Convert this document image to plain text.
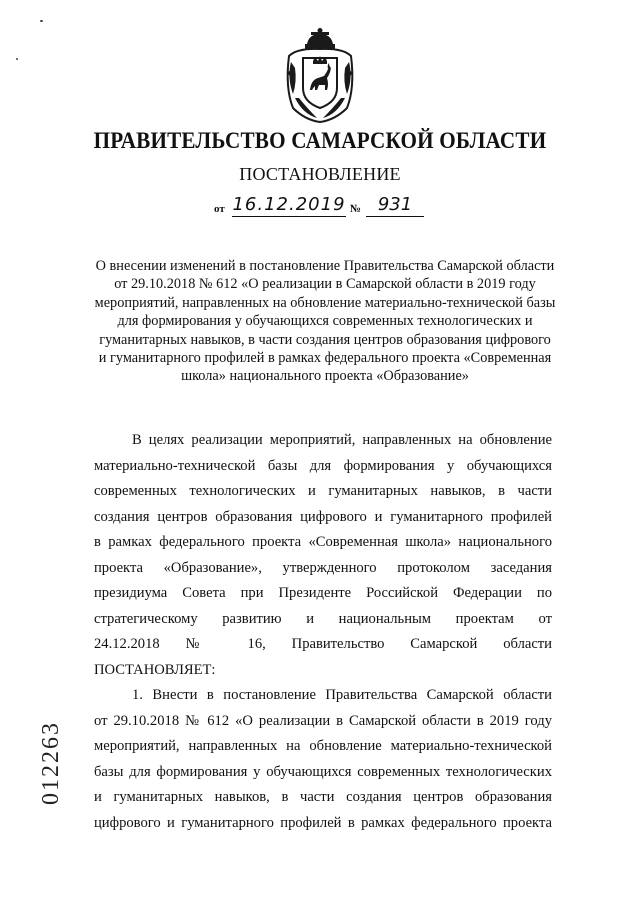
ПРАВИТЕЛЬСТВО САМАРСКОЙ ОБЛАСТИ
ПОСТАНОВЛЕНИЕ
от 16.12.2019 № 931
О внесении изменений в постановление Правительства Самарской области
от 29.10.2018 № 612 «О реализации в Самарской области в 2019 году
мероприятий, направленных на обновление материально-технической базы
для формирования у обучающихся современных технологических и
гуманитарных навыков, в части создания центров образования цифрового
и гуманитарного профилей в рамках федерального проекта «Современная
школа» национального проекта «Образование»
В целях реализации мероприятий, направленных на обновление
материально-технической базы для формирования у обучающихся
современных технологических и гуманитарных навыков, в части
создания центров образования цифрового и гуманитарного профилей
в рамках федерального проекта «Современная школа» национального
проекта «Образование», утвержденного протоколом заседания
президиума Совета при Президенте Российской Федерации по
стратегическому развитию и национальным проектам от
24.12.2018 № 16, Правительство Самарской области
ПОСТАНОВЛЯЕТ:
1. Внести в постановление Правительства Самарской области
от 29.10.2018 № 612 «О реализации в Самарской области в 2019 году
мероприятий, направленных на обновление материально-технической
базы для формирования у обучающихся современных технологических
и гуманитарных навыков, в части создания центров образования
цифрового и гуманитарного профилей в рамках федерального проекта
012263
